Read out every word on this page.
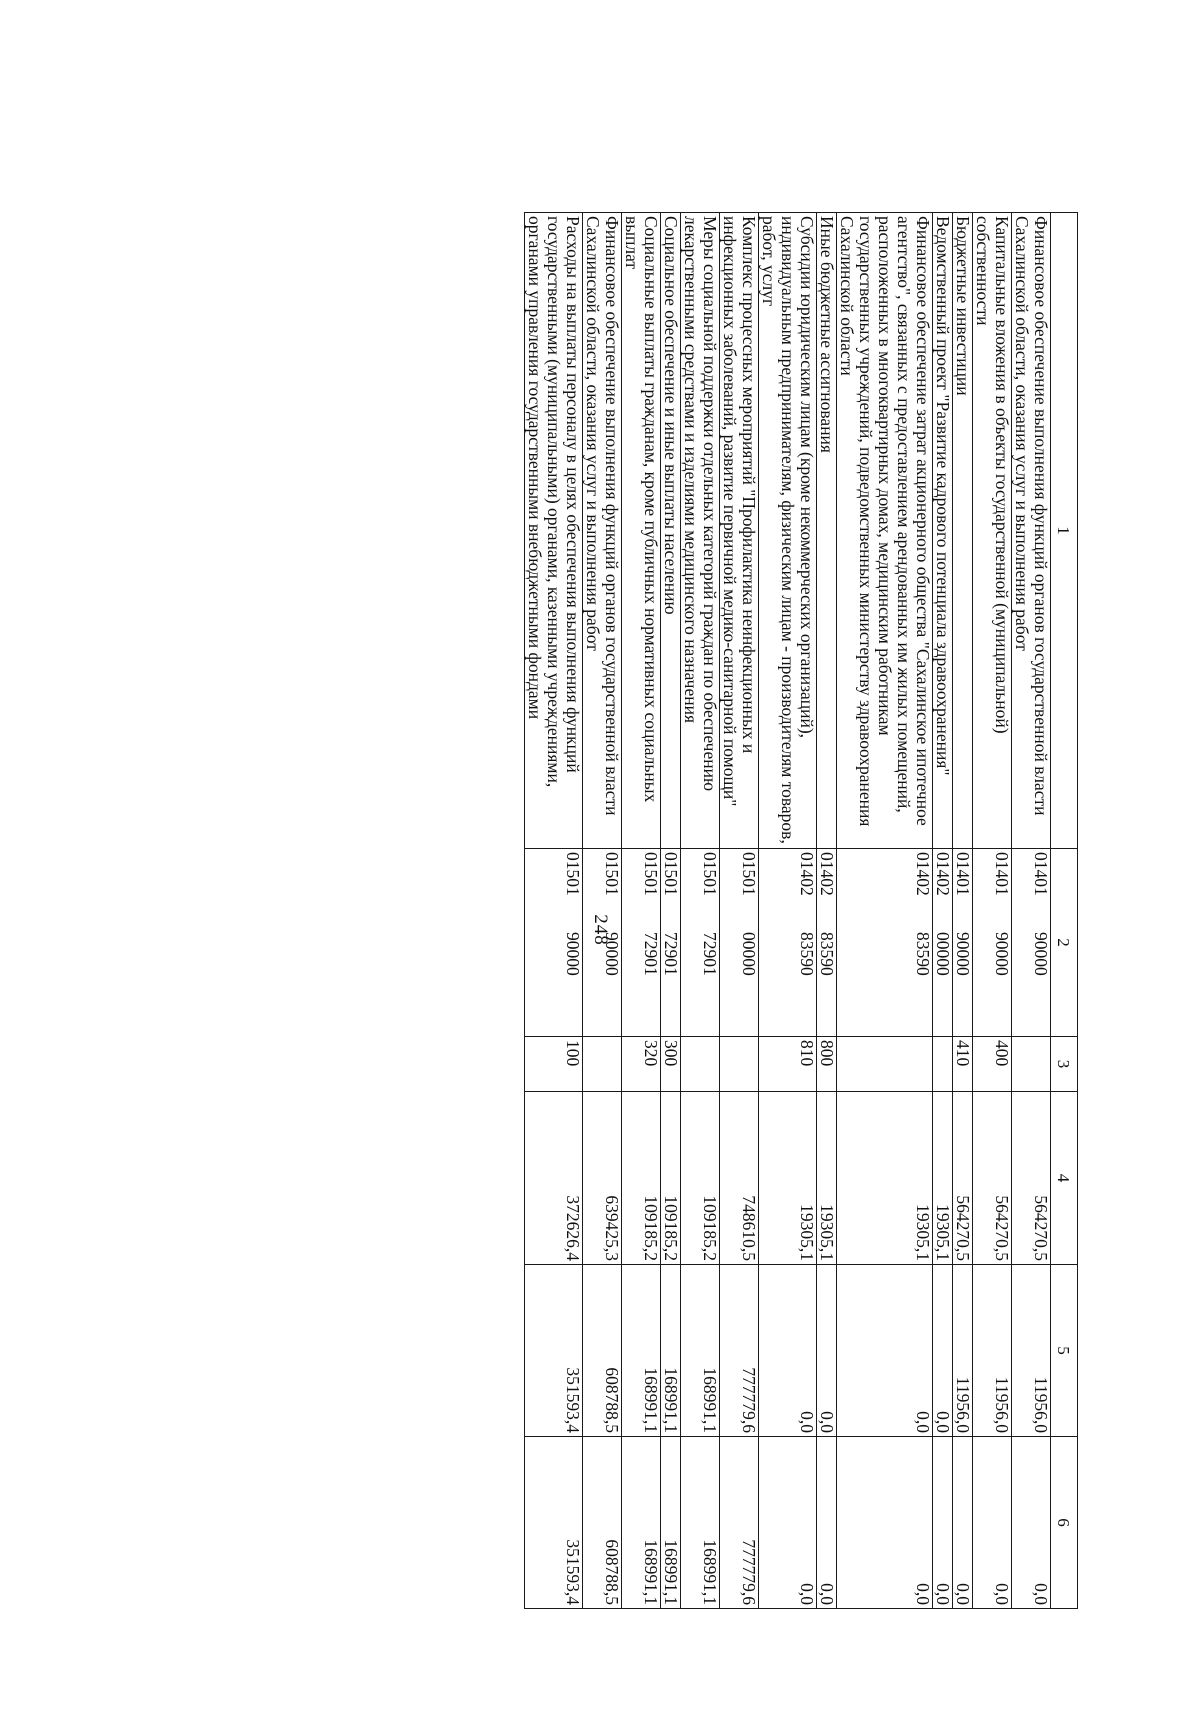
248
1	2	3	4	5	6
Финансовое обеспечение выполнения функций органов государственной власти Сахалинской области, оказания услуг и выполнения работ	0140190000		564270,5	11956,0	0,0
Капитальные вложения в объекты государственной (муниципальной) собственности	0140190000	400	564270,5	11956,0	0,0
Бюджетные инвестиции	0140190000	410	564270,5	11956,0	0,0
Ведомственный проект "Развитие кадрового потенциала здравоохранения"	0140200000		19305,1	0,0	0,0
Финансовое обеспечение затрат акционерного общества "Сахалинское ипотечное агентство", связанных с предоставлением арендованных им жилых помещений, расположенных в многоквартирных домах, медицинским работникам государственных учреждений, подведомственных министерству здравоохранения Сахалинской области	0140283590		19305,1	0,0	0,0
Иные бюджетные ассигнования	0140283590	800	19305,1	0,0	0,0
Субсидии юридическим лицам (кроме некоммерческих организаций), индивидуальным предпринимателям, физическим лицам - производителям товаров, работ, услуг	0140283590	810	19305,1	0,0	0,0
Комплекс процессных мероприятий "Профилактика неинфекционных и инфекционных заболеваний, развитие первичной медико-санитарной помощи"	0150100000		748610,5	777779,6	777779,6
Меры социальной поддержки отдельных категорий граждан по обеспечению лекарственными средствами и изделиями медицинского назначения	0150172901		109185,2	168991,1	168991,1
Социальное обеспечение и иные выплаты населению	0150172901	300	109185,2	168991,1	168991,1
Социальные выплаты гражданам, кроме публичных нормативных социальных выплат	0150172901	320	109185,2	168991,1	168991,1
Финансовое обеспечение выполнения функций органов государственной власти Сахалинской области, оказания услуг и выполнения работ	0150190000		639425,3	608788,5	608788,5
Расходы на выплаты персоналу в целях обеспечения выполнения функций государственными (муниципальными) органами, казенными учреждениями, органами управления государственными внебюджетными фондами	0150190000	100	372626,4	351593,4	351593,4
